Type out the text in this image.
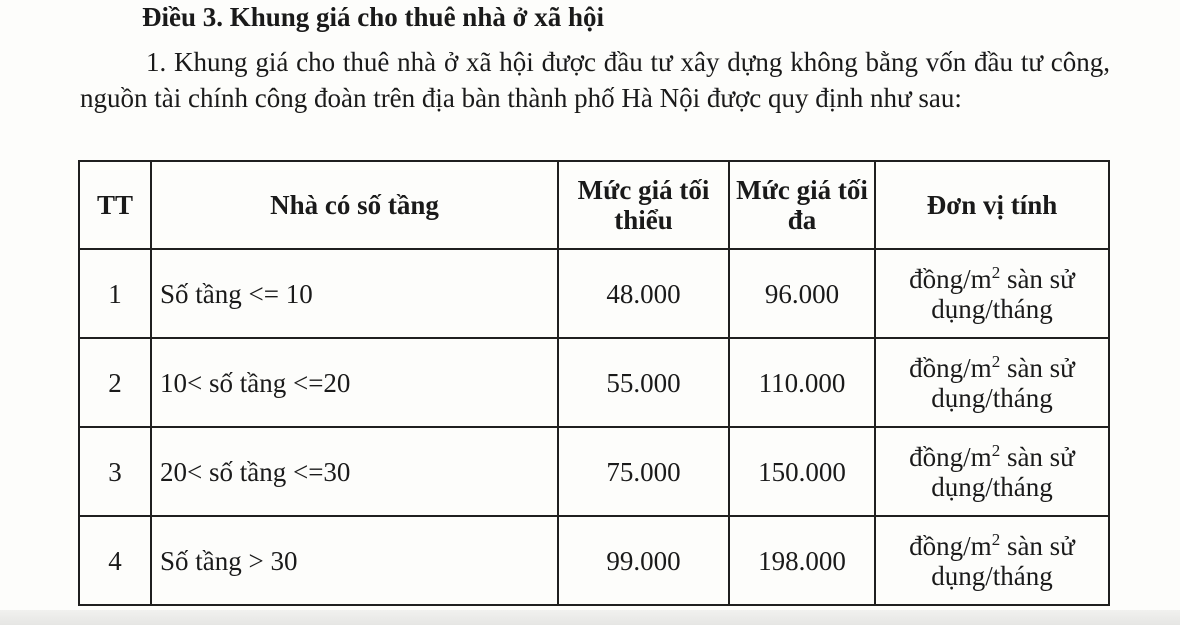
Điều 3. Khung giá cho thuê nhà ở xã hội

1. Khung giá cho thuê nhà ở xã hội được đầu tư xây dựng không bằng vốn đầu tư công, nguồn tài chính công đoàn trên địa bàn thành phố Hà Nội được quy định như sau:

TT	Nhà có số tầng	Mức giá tối thiểu	Mức giá tối đa	Đơn vị tính
1	Số tầng <= 10	48.000	96.000	đồng/$m^2$ sàn sử dụng/tháng
2	10< số tầng <=20	55.000	110.000	đồng/$m^2$ sàn sử dụng/tháng
3	20< số tầng <=30	75.000	150.000	đồng/$m^2$ sàn sử dụng/tháng
4	Số tầng > 30	99.000	198.000	đồng/$m^2$ sàn sử dụng/tháng
